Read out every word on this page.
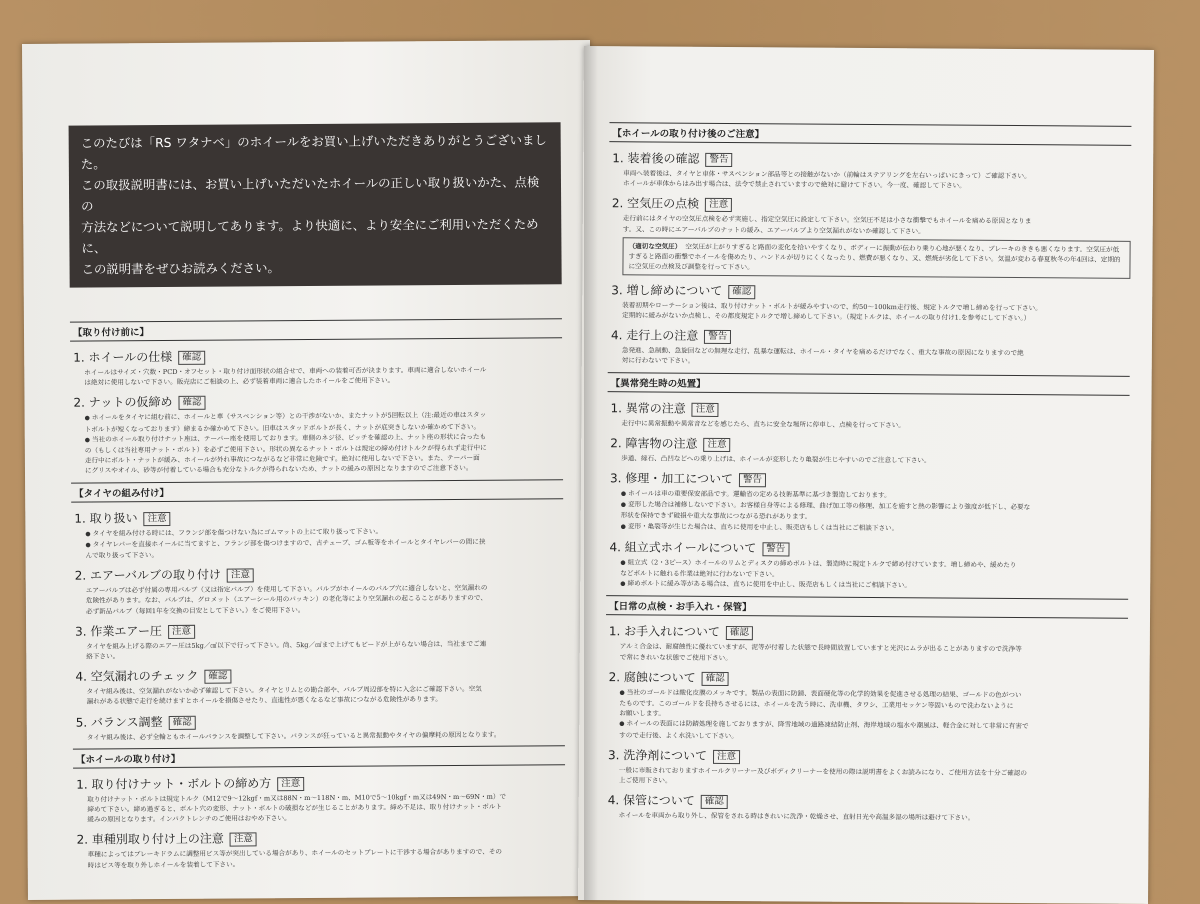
このたびは「RS ワタナベ」のホイールをお買い上げいただきありがとうございました。

この取扱説明書には、お買い上げいただいたホイールの正しい取り扱いかた、点検の

方法などについて説明してあります。より快適に、より安全にご利用いただくために、

この説明書をぜひお読みください。

【取り付け前に】
1. ホイールの仕様 確認

ホイールはサイズ・穴数・PCD・オフセット・取り付け面形状の組合せで、車両への装着可否が決まります。車両に適合しないホイール

は絶対に使用しないで下さい。販売店にご相談の上、必ず装着車両に適合したホイールをご使用下さい。

2. ナットの仮締め 確認

● ホイールをタイヤに組む前に、ホイールと車（サスペンション等）との干渉がないか、またナットが5回転以上（注:最近の車はスタッ

トボルトが短くなっております）締まるか確かめて下さい。旧車はスタッドボルトが長く、ナットが底突きしないか確かめて下さい。

● 当社のホイール取り付けナット座は、テーパー座を使用しております。車側のネジ径、ピッチを確認の上、ナット座の形状に合ったも

の（もしくは当社専用ナット・ボルト）を必ずご使用下さい。形状の異なるナット・ボルトは規定の締め付けトルクが得られず走行中に

走行中にボルト・ナットが緩み、ホイールが外れ事故につながるなど非常に危険です。絶対に使用しないで下さい。また、テーパー面

にグリスやオイル、砂等が付着している場合も充分なトルクが得られないため、ナットの緩みの原因となりますのでご注意下さい。

【タイヤの組み付け】
1. 取り扱い 注意

● タイヤを組み付ける時には、フランジ部を傷つけない為にゴムマットの上にて取り扱って下さい。

● タイヤレバーを直接ホイールに当てますと、フランジ部を傷つけますので、古チューブ、ゴム板等をホイールとタイヤレバーの間に挟

んで取り扱って下さい。

2. エアーバルブの取り付け 注意

エアーバルブは必ず付属の専用バルブ（又は指定バルブ）を使用して下さい。バルブがホイールのバルブ穴に適合しないと、空気漏れの

危険性があります。なお、バルブは、グロメット（エアーシール用のパッキン）の老化等により空気漏れの起こることがありますので、

必ず新品バルブ（毎回1年を交換の目安として下さい。）をご使用下さい。

3. 作業エアー圧 注意

タイヤを組み上げる際のエアー圧は5kg／㎠以下で行って下さい。尚、5kg／㎠まで上げてもビードが上がらない場合は、当社までご連

絡下さい。

4. 空気漏れのチェック 確認

タイヤ組み後は、空気漏れがないか必ず確認して下さい。タイヤとリムとの勘合部や、バルブ周辺部を特に入念にご確認下さい。空気

漏れがある状態で走行を続けますとホイールを損傷させたり、直進性が悪くなるなど事故につながる危険性があります。

5. バランス調整 確認

タイヤ組み後は、必ず全輪ともホイールバランスを調整して下さい。バランスが狂っていると異常振動やタイヤの偏摩耗の原因となります。

【ホイールの取り付け】
1. 取り付けナット・ボルトの締め方 注意

取り付けナット・ボルトは規定トルク（M12で9〜12kgf・m又は88N・m〜118N・m、M10で5〜10kgf・m又は49N・m〜69N・m）で

締めて下さい。締め過ぎると、ボルト穴の変形、ナット・ボルトの破損などが生じることがあります。締め不足は、取り付けナット・ボルト

緩みの原因となります。インパクトレンチのご使用はおやめ下さい。

2. 車種別取り付け上の注意 注意

車種によってはブレーキドラムに調整用ビス等が突出している場合があり、ホイールのセットプレートに干渉する場合がありますので、その

時はビス等を取り外しホイールを装着して下さい。

【ホイールの取り付け後のご注意】
1. 装着後の確認 警告

車両へ装着後は、タイヤと車体・サスペンション部品等との接触がないか（前輪はステアリングを左右いっぱいにきって）ご確認下さい。

ホイールが車体からはみ出す場合は、法令で禁止されていますので絶対に避けて下さい。今一度、確認して下さい。

2. 空気圧の点検 注意

走行前にはタイヤの空気圧点検を必ず実施し、指定空気圧に設定して下さい。空気圧不足は小さな衝撃でもホイールを痛める原因となりま

す。又、この時にエアーバルブのナットの緩み、エアーバルブより空気漏れがないか確認して下さい。

（適切な空気圧） 空気圧が上がりすぎると路面の変化を拾いやすくなり、ボディーに振動が伝わり乗り心地が悪くなり、ブレーキのききも悪くなります。空気圧が低すぎると路面の衝撃でホイールを傷めたり、ハンドルが切りにくくなったり、燃費が悪くなり、又、燃焼が劣化して下さい。気温が変わる春夏秋冬の年4回は、定期的に空気圧の点検及び調整を行って下さい。
3. 増し締めについて 確認

装着初期やローテーション後は、取り付けナット・ボルトが緩みやすいので、約50〜100km走行後、規定トルクで増し締めを行って下さい。

定期的に緩みがないか点検し、その都度規定トルクで増し締めして下さい。（規定トルクは、ホイールの取り付け1.を参考にして下さい。）

4. 走行上の注意 警告

急発進、急制動、急旋回などの無理な走行、乱暴な運転は、ホイール・タイヤを痛めるだけでなく、重大な事故の原因になりますので絶

対に行わないで下さい。

【異常発生時の処置】
1. 異常の注意 注意

走行中に異常振動や異常音などを感じたら、直ちに安全な場所に停車し、点検を行って下さい。

2. 障害物の注意 注意

歩道、縁石、凸凹などへの乗り上げは、ホイールが変形したり亀裂が生じやすいのでご注意して下さい。

3. 修理・加工について 警告

● ホイールは車の重要保安部品です。運輸省の定める技術基準に基づき製造しております。

● 変形した場合は補修しないで下さい。お客様自身等による修理、曲げ加工等の修理、加工を施すと熱の影響により強度が低下し、必要な

形状を保持できず破損や重大な事故につながる恐れがあります。

● 変形・亀裂等が生じた場合は、直ちに使用を中止し、販売店もしくは当社にご相談下さい。

4. 組立式ホイールについて 警告

● 組立式（2・3ピース）ホイールのリムとディスクの締めボルトは、製造時に規定トルクで締め付けています。増し締めや、緩めたり

などボルトに触れる作業は絶対に行わないで下さい。

● 締めボルトに緩み等がある場合は、直ちに使用を中止し、販売店もしくは当社にご相談下さい。

【日常の点検・お手入れ・保管】
1. お手入れについて 確認

アルミ合金は、耐腐蝕性に優れていますが、泥等が付着した状態で長時間放置していますと光沢にムラが出ることがありますので洗浄等

で常にきれいな状態でご使用下さい。

2. 腐蝕について 確認

● 当社のゴールドは酸化皮膜のメッキです。製品の表面に防錆、表面硬化等の化学的効果を促進させる処理の結果、ゴールドの色がつい

たものです。このゴールドを長持ちさせるには、ホイールを洗う時に、洗車機、タワシ、工業用セッケン等固いもので洗わないように

お願いします。

● ホイールの表面には防錆処理を施しておりますが、降雪地域の道路凍結防止剤、海岸地域の塩水や潮風は、軽合金に対して非常に有害で

すので走行後、よく水洗いして下さい。

3. 洗浄剤について 注意

一般に市販されておりますホイールクリーナー及びボディクリーナーを使用の際は説明書をよくお読みになり、ご使用方法を十分ご確認の

上ご使用下さい。

4. 保管について 確認

ホイールを車両から取り外し、保管をされる時はきれいに洗浄・乾燥させ、直射日光や高温多湿の場所は避けて下さい。
